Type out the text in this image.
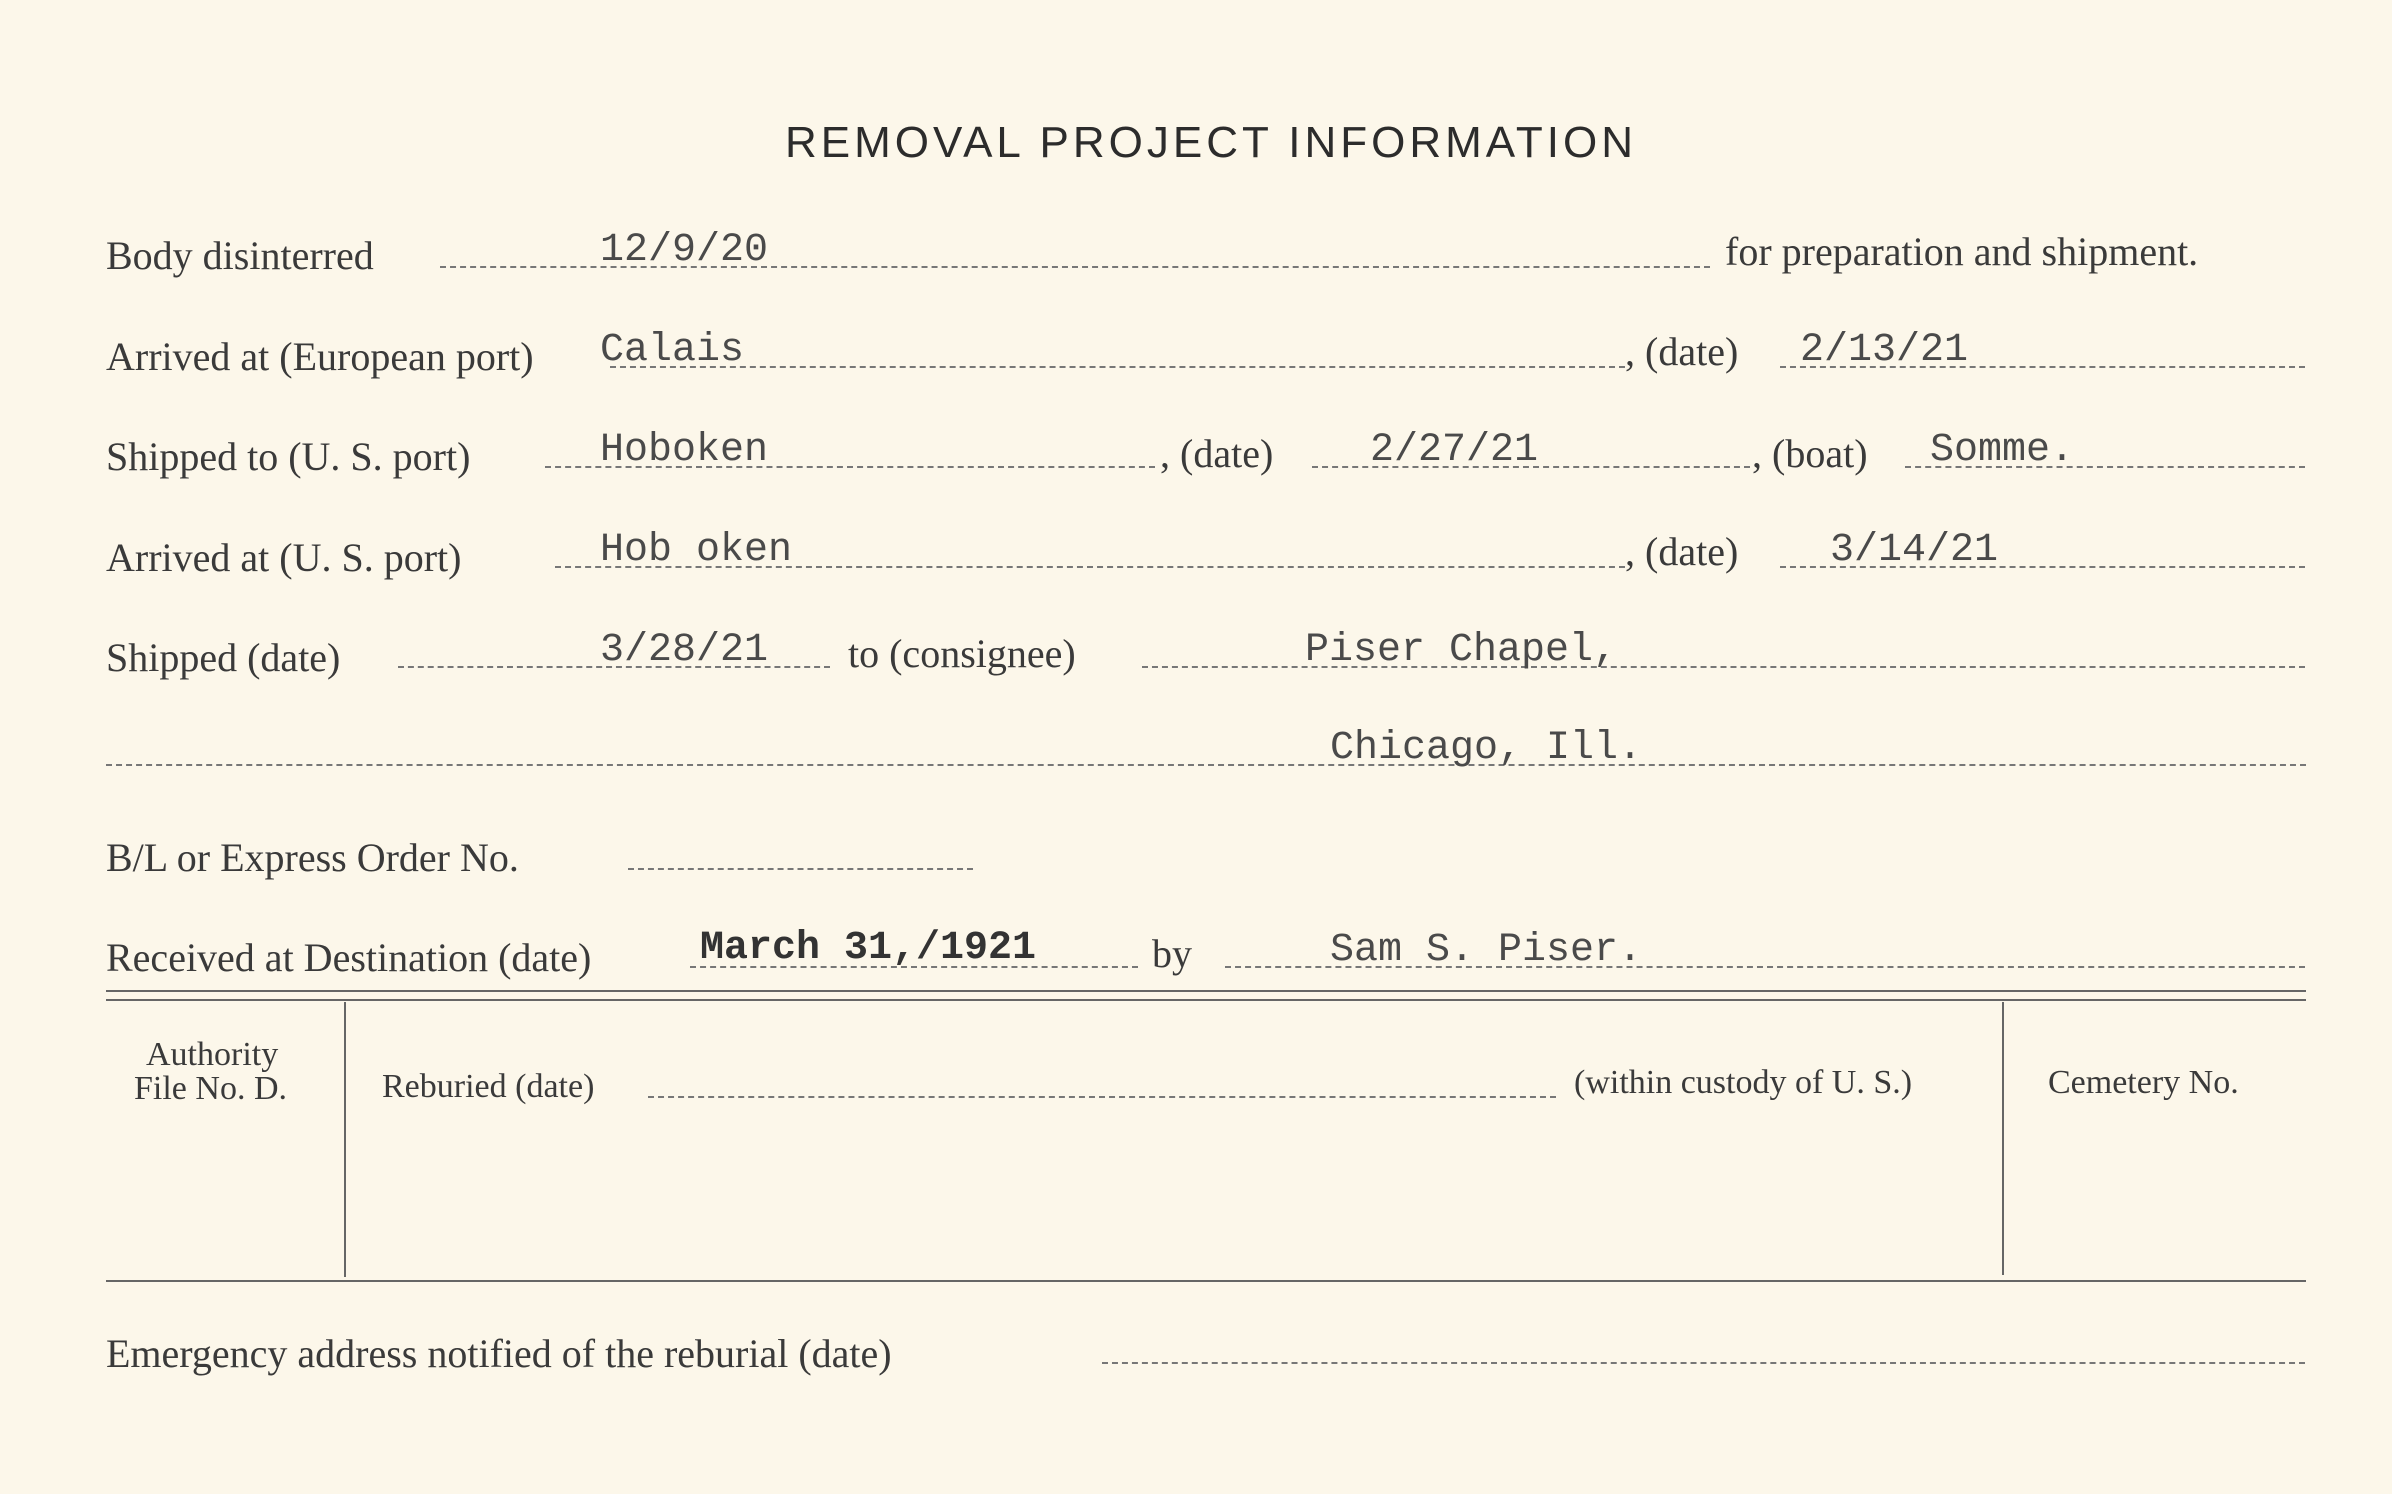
REMOVAL PROJECT INFORMATION
Body disinterred	12/9/20	for preparation and shipment.
Arrived at (European port) Calais	, (date) 2/13/21
Shipped to (U. S. port)	Hoboken	, (date) 2/27/21	, (boat) Somme.
Arrived at (U. S. port)	Hob oken	, (date) 3/14/21
Shipped (date)	3/28/21 to (consignee)	Piser Chapel,
Chicago, Ill.
B/L or Express Order No.
Received at Destination (date)	March 31,/1921	by	Sam S. Piser.
Authority
File No. D.	Reburied (date)	(within custody of U. S.)	Cemetery No.
Emergency address notified of the reburial (date)
